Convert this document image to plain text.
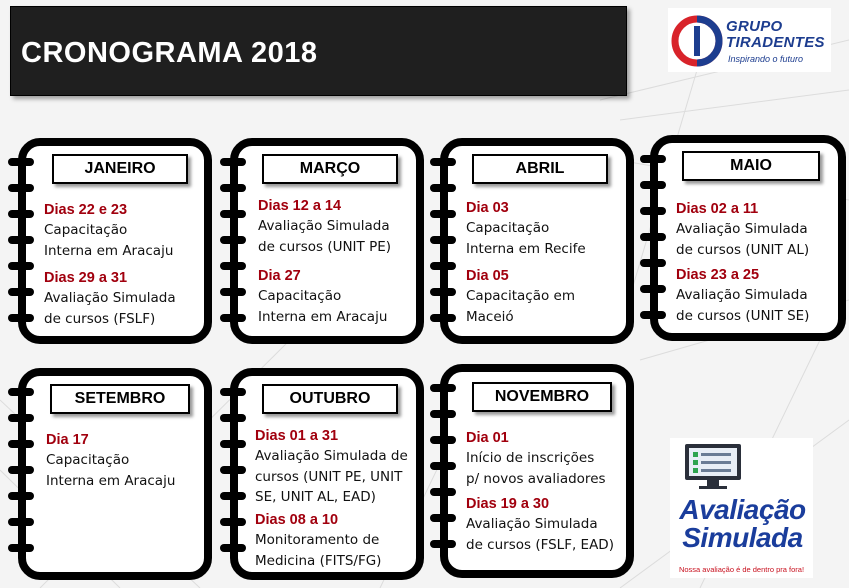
CRONOGRAMA 2018
GRUPO
TIRADENTES
Inspirando o futuro
JANEIRO
Dias 22 e 23
Capacitação
Interna em Aracaju
Dias 29 a 31
Avaliação Simulada
de cursos (FSLF)
MARÇO
Dias 12 a 14
Avaliação Simulada
de cursos (UNIT PE)
Dia 27
Capacitação
Interna em Aracaju
ABRIL
Dia 03
Capacitação
Interna em Recife
Dia 05
Capacitação em
Maceió
MAIO
Dias 02 a 11
Avaliação Simulada
de cursos (UNIT AL)
Dias 23 a 25
Avaliação Simulada
de cursos (UNIT SE)
SETEMBRO
Dia 17
Capacitação
Interna em Aracaju
OUTUBRO
Dias 01 a 31
Avaliação Simulada de
cursos (UNIT PE, UNIT
SE, UNIT AL, EAD)
Dias 08 a 10
Monitoramento de
Medicina (FITS/FG)
NOVEMBRO
Dia 01
Início de inscrições
p/ novos avaliadores
Dias 19 a 30
Avaliação Simulada
de cursos (FSLF, EAD)
Avaliação
Simulada
Nossa avaliação é de dentro pra fora!
